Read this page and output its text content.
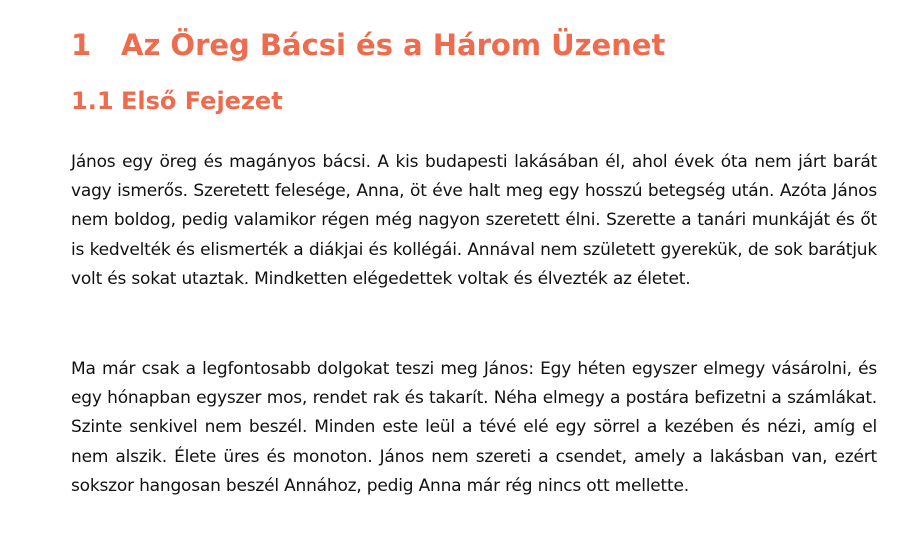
1 Az Öreg Bácsi és a Három Üzenet
1.1 Első Fejezet

János egy öreg és magányos bácsi. A kis budapesti lakásában él, ahol évek óta nem járt barát vagy ismerős. Szeretett felesége, Anna, öt éve halt meg egy hosszú betegség után. Azóta János nem boldog, pedig valamikor régen még nagyon szeretett élni. Szerette a tanári munkáját és őt is kedvelték és elismerték a diákjai és kollégái. Annával nem született gyerekük, de sok barátjuk volt és sokat utaztak. Mindketten elégedettek voltak és élvezték az életet.

Ma már csak a legfontosabb dolgokat teszi meg János: Egy héten egyszer elmegy vásárolni, és egy hónapban egyszer mos, rendet rak és takarít. Néha elmegy a postára befizetni a számlákat. Szinte senkivel nem beszél. Minden este leül a tévé elé egy sörrel a kezében és nézi, amíg el nem alszik. Élete üres és monoton. János nem szereti a csendet, amely a lakásban van, ezért sokszor hangosan beszél Annához, pedig Anna már rég nincs ott mellette.
